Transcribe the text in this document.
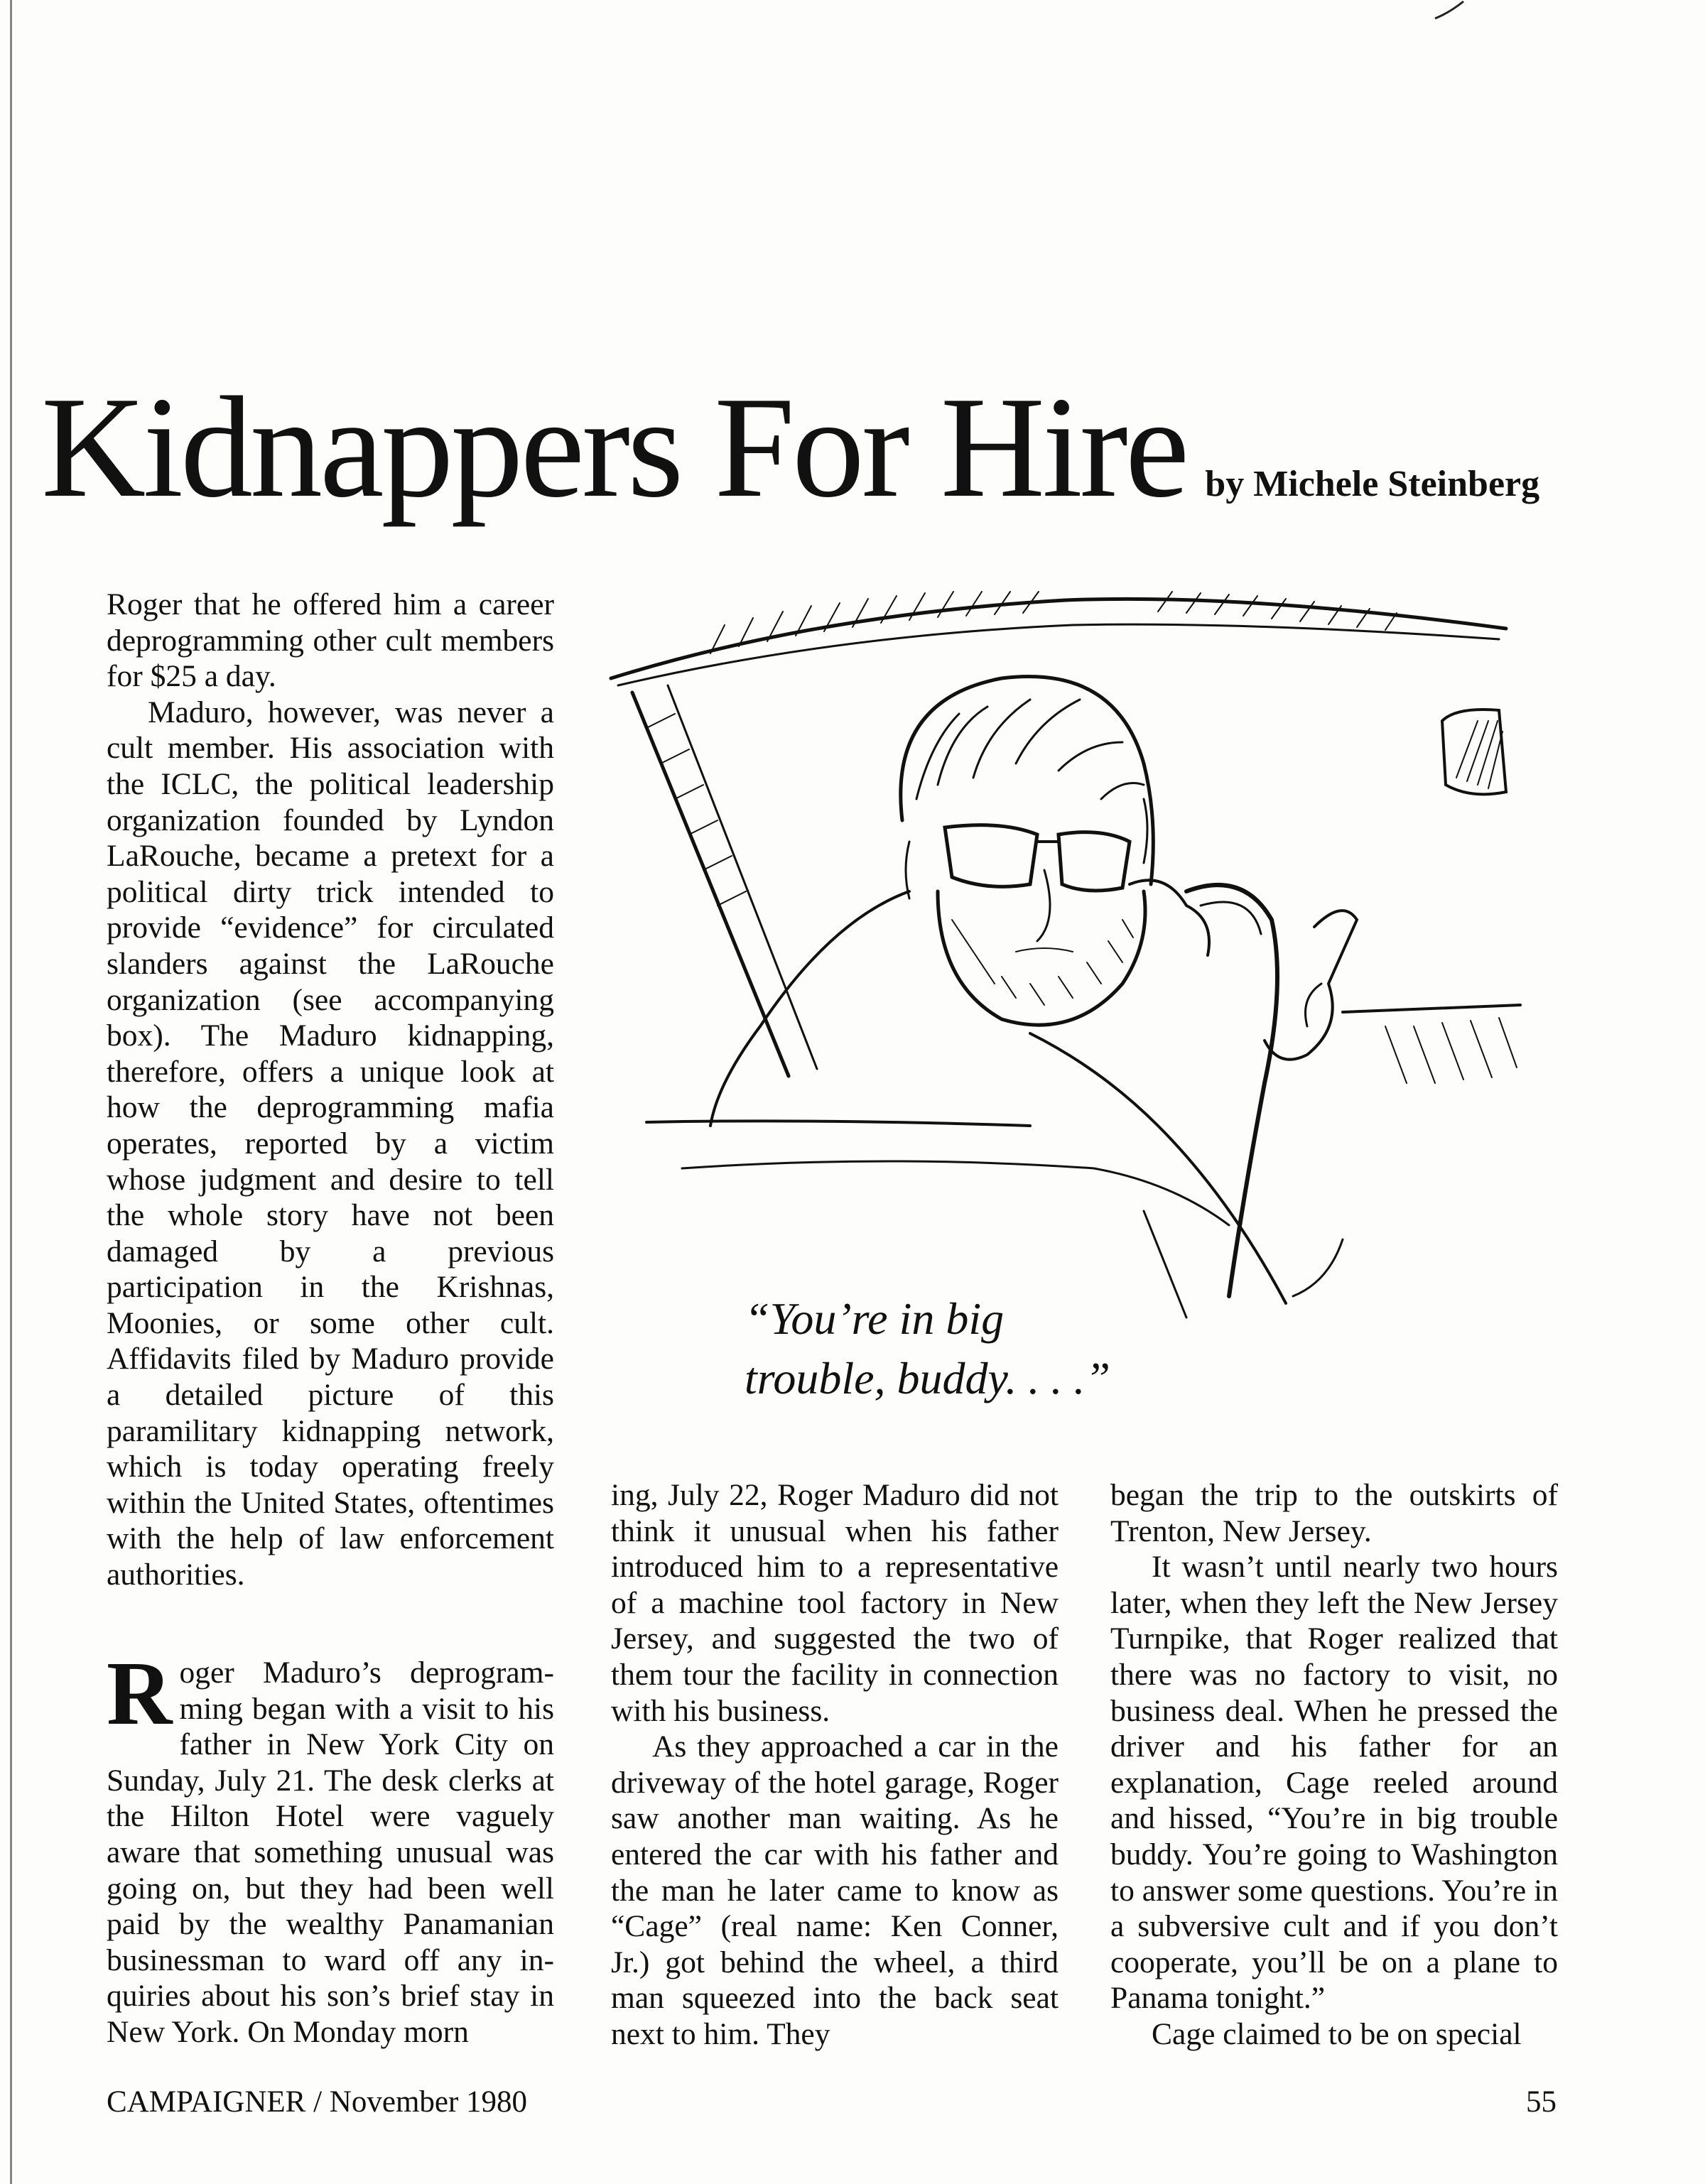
Kidnappers For Hire by Michele Steinberg

Roger that he offered him a career deprogramming other cult members for $25 a day.

Maduro, however, was never a cult member. His association with the ICLC, the political leadership organization founded by Lyndon LaRouche, became a pretext for a political dirty trick intended to provide “evidence” for circulated slanders against the LaRouche organization (see accompanying box). The Maduro kidnapping, therefore, offers a unique look at how the deprogramming mafia operates, reported by a victim whose judgment and desire to tell the whole story have not been damaged by a previous participation in the Krishnas, Moonies, or some other cult. Affidavits filed by Maduro provide a detailed picture of this paramilitary kidnapping network, which is today operating freely within the United States, oftentimes with the help of law enforcement authorities.

Roger Maduro’s deprogramming began with a visit to his father in New York City on Sunday, July 21. The desk clerks at the Hilton Hotel were vaguely aware that something unusual was going on, but they had been well paid by the wealthy Panamanian businessman to ward off any inquiries about his son’s brief stay in New York. On Monday morn

ing, July 22, Roger Maduro did not think it unusual when his father introduced him to a representative of a machine tool factory in New Jersey, and suggested the two of them tour the facility in connection with his business.

As they approached a car in the driveway of the hotel garage, Roger saw another man waiting. As he entered the car with his father and the man he later came to know as “Cage” (real name: Ken Conner, Jr.) got behind the wheel, a third man squeezed into the back seat next to him. They

began the trip to the outskirts of Trenton, New Jersey.

It wasn’t until nearly two hours later, when they left the New Jersey Turnpike, that Roger realized that there was no factory to visit, no business deal. When he pressed the driver and his father for an explanation, Cage reeled around and hissed, “You’re in big trouble buddy. You’re going to Washington to answer some questions. You’re in a subversive cult and if you don’t cooperate, you’ll be on a plane to Panama tonight.”

Cage claimed to be on special

“You’re in big
trouble, buddy. . . .”
CAMPAIGNER / November 1980	55
